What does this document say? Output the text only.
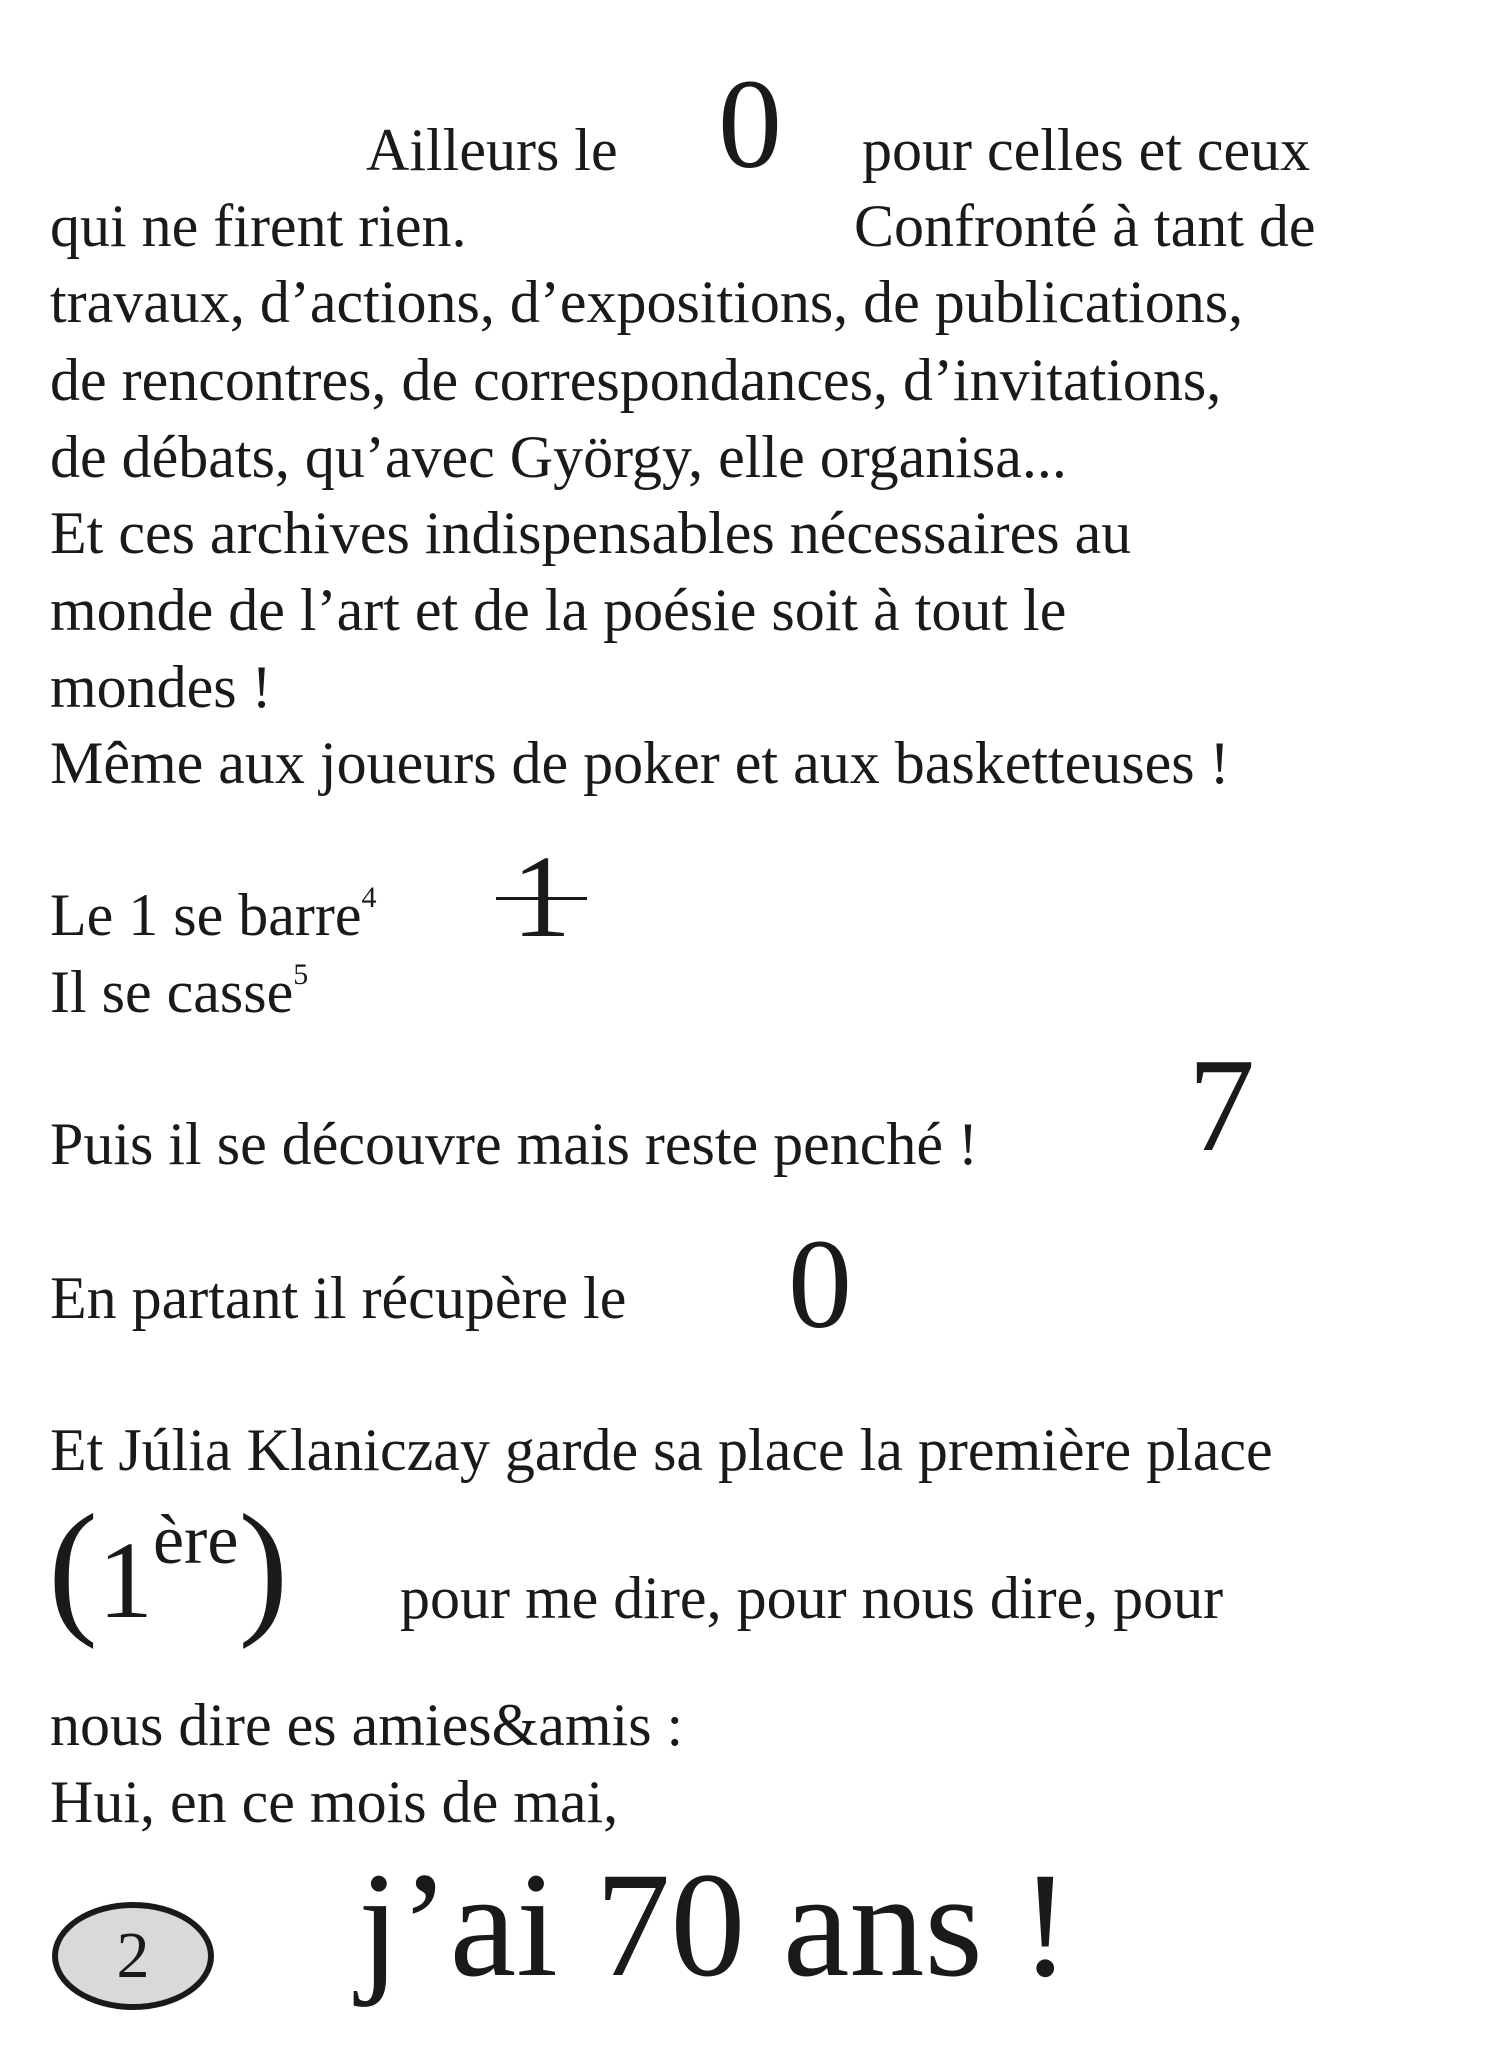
Ailleurs le 0 pour celles et ceux
qui ne firent rien.	Confronté à tant de
travaux, d’actions, d’expositions, de publications,
de rencontres, de correspondances, d’invitations,
de débats, qu’avec György, elle organisa...
Et ces archives indispensables nécessaires au
monde de l’art et de la poésie soit à tout le
mondes !
Même aux joueurs de poker et aux basketteuses !
Le 1 se barre$^4$ 1
Il se casse$^5$
Puis il se découvre mais reste penché ! 7
En partant il récupère le 0
Et Júlia Klaniczay garde sa place la première place
(1ère) pour me dire, pour nous dire, pour
nous dire es amies&amis :
Hui, en ce mois de mai,
j’ai 70 ans !
2
